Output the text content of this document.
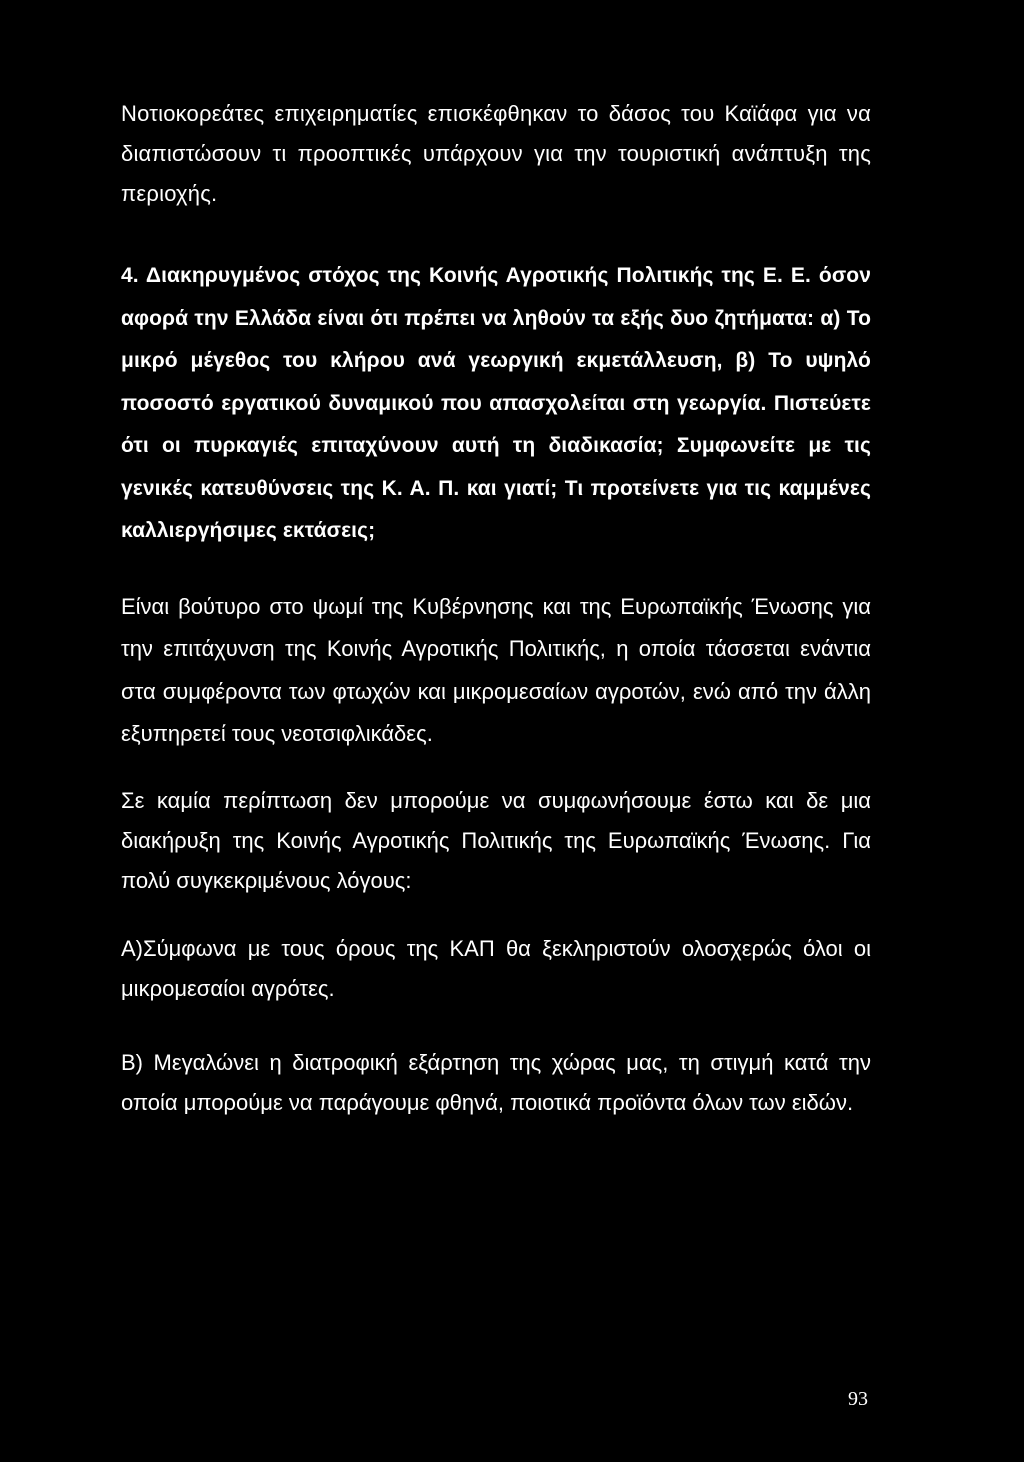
Νοτιοκορεάτες επιχειρηματίες επισκέφθηκαν το δάσος του Καϊάφα για να διαπιστώσουν τι προοπτικές υπάρχουν για την τουριστική ανάπτυξη της περιοχής.

4. Διακηρυγμένος στόχος της Κοινής Αγροτικής Πολιτικής της Ε. Ε. όσον αφορά την Ελλάδα είναι ότι πρέπει να ληθούν τα εξής δυο ζητήματα: α) Το μικρό μέγεθος του κλήρου ανά γεωργική εκμετάλλευση, β) Το υψηλό ποσοστό εργατικού δυναμικού που απασχολείται στη γεωργία. Πιστεύετε ότι οι πυρκαγιές επιταχύνουν αυτή τη διαδικασία; Συμφωνείτε με τις γενικές κατευθύνσεις της Κ. Α. Π. και γιατί; Τι προτείνετε για τις καμμένες καλλιεργήσιμες εκτάσεις;

Είναι βούτυρο στο ψωμί της Κυβέρνησης και της Ευρωπαϊκής Ένωσης για την επιτάχυνση της Κοινής Αγροτικής Πολιτικής, η οποία τάσσεται ενάντια στα συμφέροντα των φτωχών και μικρομεσαίων αγροτών, ενώ από την άλλη εξυπηρετεί τους νεοτσιφλικάδες.

Σε καμία περίπτωση δεν μπορούμε να συμφωνήσουμε έστω και δε μια διακήρυξη της Κοινής Αγροτικής Πολιτικής της Ευρωπαϊκής Ένωσης. Για πολύ συγκεκριμένους λόγους:

Α)Σύμφωνα με τους όρους της ΚΑΠ θα ξεκληριστούν ολοσχερώς όλοι οι μικρομεσαίοι αγρότες.

Β) Μεγαλώνει η διατροφική εξάρτηση της χώρας μας, τη στιγμή κατά την οποία μπορούμε να παράγουμε φθηνά, ποιοτικά προϊόντα όλων των ειδών.

93
